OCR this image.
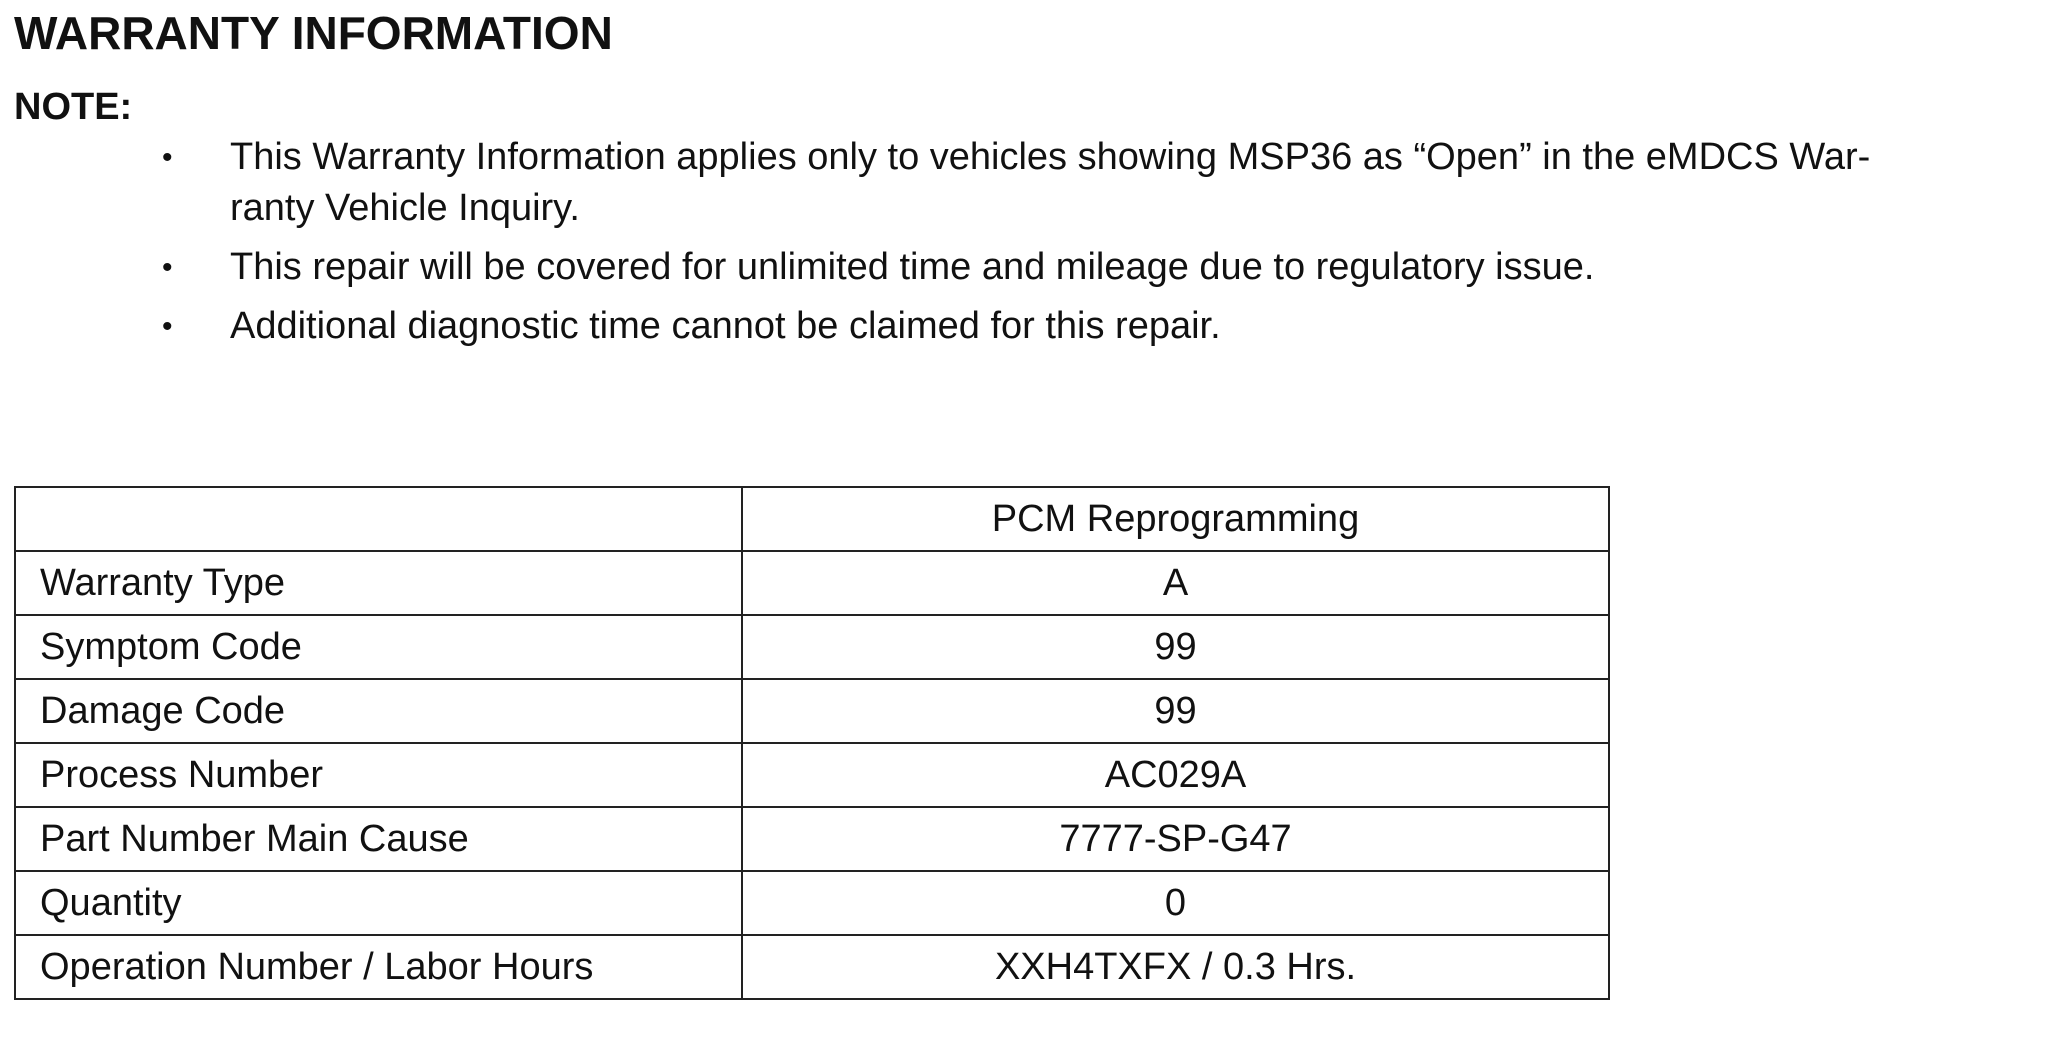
WARRANTY INFORMATION
NOTE:
• This Warranty Information applies only to vehicles showing MSP36 as “Open” in the eMDCS War-
ranty Vehicle Inquiry.
• This repair will be covered for unlimited time and mileage due to regulatory issue.
• Additional diagnostic time cannot be claimed for this repair.
	PCM Reprogramming
Warranty Type	A
Symptom Code	99
Damage Code	99
Process Number	AC029A
Part Number Main Cause	7777-SP-G47
Quantity	0
Operation Number / Labor Hours	XXH4TXFX / 0.3 Hrs.
